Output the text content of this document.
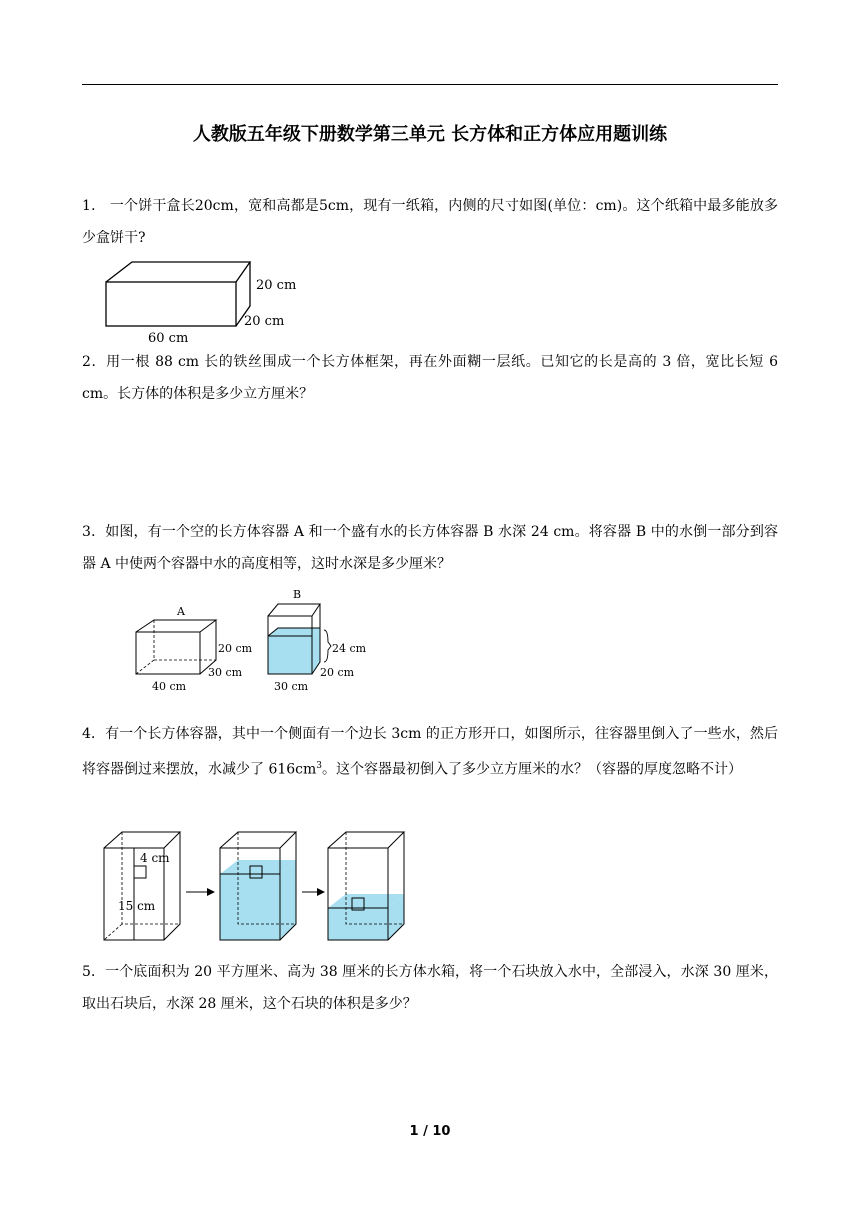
人教版五年级下册数学第三单元 长方体和正方体应用题训练
1． 一个饼干盒长20cm，宽和高都是5cm，现有一纸箱，内侧的尺寸如图(单位：cm)。这个纸箱中最多能放多少盒饼干?
20 cm
20 cm
60 cm
2．用一根 88 cm 长的铁丝围成一个长方体框架，再在外面糊一层纸。已知它的长是高的 3 倍，宽比长短 6 cm。长方体的体积是多少立方厘米？
3．如图，有一个空的长方体容器 A 和一个盛有水的长方体容器 B 水深 24 cm。将容器 B 中的水倒一部分到容器 A 中使两个容器中水的高度相等，这时水深是多少厘米？
A
20 cm
30 cm
40 cm
B
24 cm
20 cm
30 cm
4．有一个长方体容器，其中一个侧面有一个边长 3cm 的正方形开口，如图所示，往容器里倒入了一些水，然后将容器倒过来摆放，水减少了 $616cm^3$。这个容器最初倒入了多少立方厘米的水？（容器的厚度忽略不计）
4 cm
15 cm
5．一个底面积为 20 平方厘米、高为 38 厘米的长方体水箱，将一个石块放入水中，全部浸入，水深 30 厘米，取出石块后，水深 28 厘米，这个石块的体积是多少？
1 / 10
